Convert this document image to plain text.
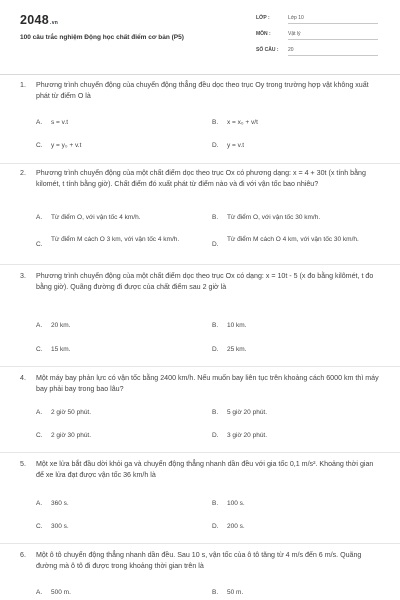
2048.vn
100 câu trắc nghiệm Động học chất điểm cơ bản (P5)
LỚP :	Lớp 10
MÔN :	Vật lý
SỐ CÂU :	20
1.	Phương trình chuyển động của chuyển động thẳng đều dọc theo trục Oy trong trường hợp vật không xuất phát từ điểm O là
A.	s = v.t	B.	x = x₀ + v/t
C.	y = y₀ + v.t	D.	y = v.t
2.	Phương trình chuyển động của một chất điểm dọc theo trục Ox có phương dạng: x = 4 + 30t (x tính bằng kilomét, t tính bằng giờ). Chất điểm đó xuất phát từ điểm nào và đi với vận tốc bao nhiêu?
A.	Từ điểm O, với vận tốc 4 km/h.	B.	Từ điểm O, với vận tốc 30 km/h.
C.
Từ điểm M cách O 3 km, với vận tốc 4 km/h.
D.
Từ điểm M cách O 4 km, với vận tốc 30 km/h.
3.	Phương trình chuyển động của một chất điểm dọc theo trục Ox có dạng: x = 10t - 5 (x đo bằng kilômét, t đo bằng giờ). Quãng đường đi được của chất điểm sau 2 giờ là
A.	20 km.	B.	10 km.
C.	15 km.	D.	25 km.
4.	Một máy bay phản lực có vận tốc bằng 2400 km/h. Nếu muốn bay liên tục trên khoảng cách 6000 km thì máy bay phải bay trong bao lâu?
A.	2 giờ 50 phút.	B.	5 giờ 20 phút.
C.	2 giờ 30 phút.	D.	3 giờ 20 phút.
5.	Một xe lửa bắt đầu dời khỏi ga và chuyển động thẳng nhanh dần đều với gia tốc 0,1 m/s². Khoảng thời gian để xe lửa đạt được vận tốc 36 km/h là
A.	360 s.	B.	100 s.
C.	300 s.	D.	200 s.
6.	Một ô tô chuyển động thẳng nhanh dần đều. Sau 10 s, vận tốc của ô tô tăng từ 4 m/s đến 6 m/s. Quãng đường mà ô tô đi được trong khoảng thời gian trên là
A.	500 m.	B.	50 m.
